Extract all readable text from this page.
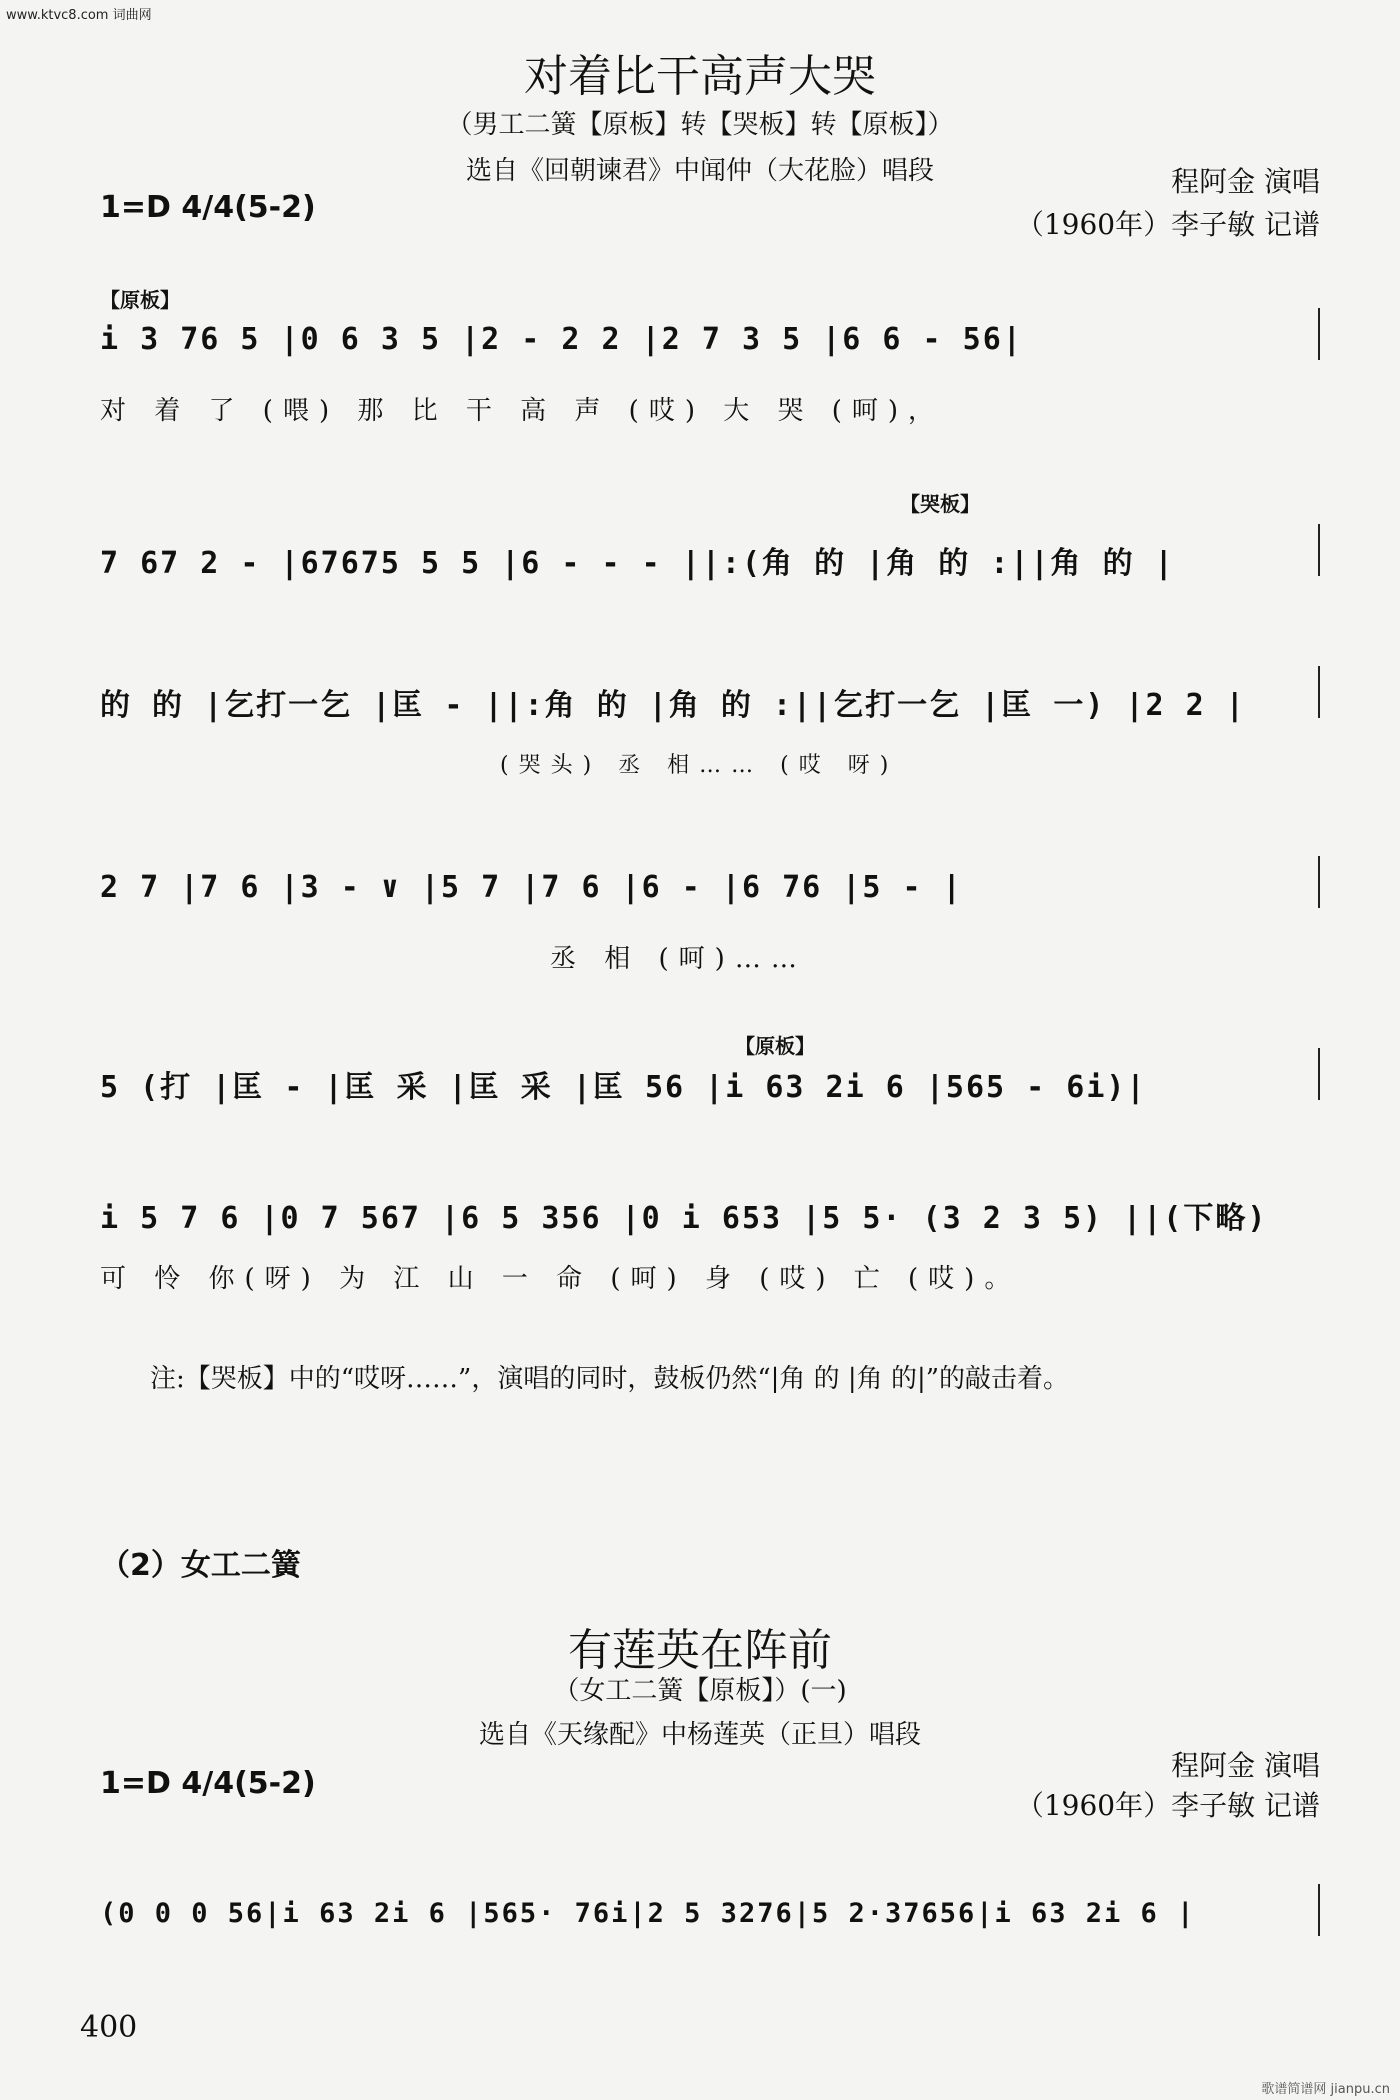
www.ktvc8.com 词曲网
对着比干高声大哭
（男工二簧【原板】转【哭板】转【原板】）
选自《回朝谏君》中闻仲（大花脸）唱段	程阿金 演唱
1=D 4/4(5-2)	（1960年）李子敏 记谱
【原板】
i 3 76 5 |0 6 3 5 |2 - 2 2 |2 7 3 5 |6 6 - 56|
对 着 了 (喂) 那 比 干 高 声 (哎) 大 哭 (呵)，
【哭板】
7 67 2 - |67675 5 5 |6 - - - ||:(角 的 |角 的 :||角 的 |
的 的 |乞打一乞 |匡 - ||:角 的 |角 的 :||乞打一乞 |匡 一) |2 2 |
(哭头) 丞 相…… (哎 呀)
2 7 |7 6 |3 - ∨ |5 7 |7 6 |6 - |6 76 |5 - |
丞 相 (呵)……
【原板】
5 (打 |匡 - |匡 采 |匡 采 |匡 56 |i 63 2i 6 |565 - 6i)|
i 5 7 6 |0 7 567 |6 5 356 |0 i 653 |5 5· (3 2 3 5) ||(下略)
可 怜 你(呀) 为 江 山 一 命 (呵) 身 (哎) 亡 (哎)。
注:【哭板】中的“哎呀……”，演唱的同时，鼓板仍然“|角 的 |角 的|”的敲击着。
（2）女工二簧
有莲英在阵前
（女工二簧【原板】）(一)
选自《天缘配》中杨莲英（正旦）唱段
程阿金 演唱
1=D 4/4(5-2)
（1960年）李子敏 记谱
(0 0 0 56|i 63 2i 6 |565· 76i|2 5 3276|5 2·37656|i 63 2i 6 |
400
歌谱简谱网 jianpu.cn
